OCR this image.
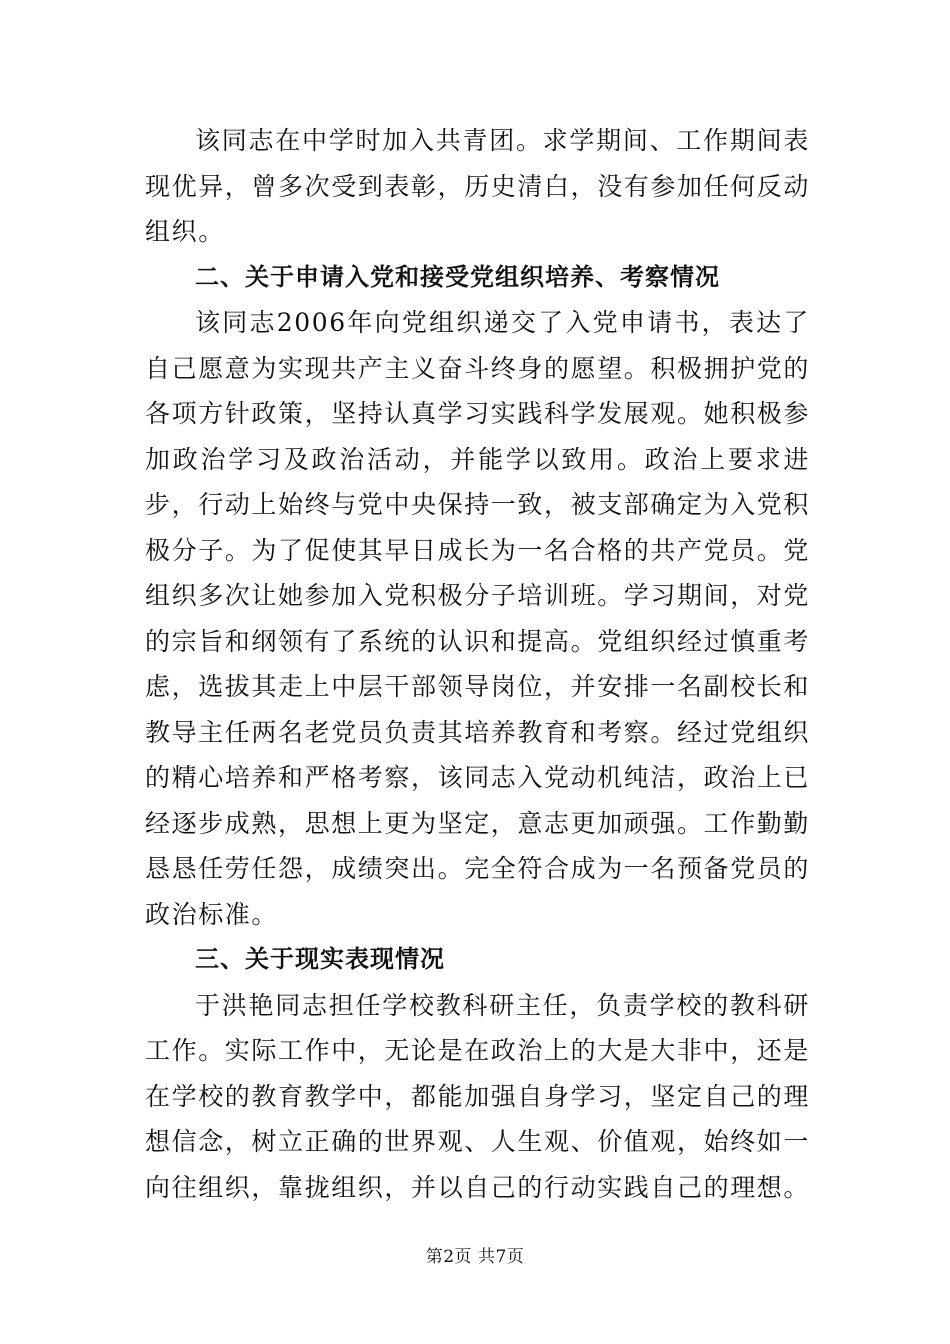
该同志在中学时加入共青团。求学期间、工作期间表现优异，曾多次受到表彰，历史清白，没有参加任何反动组织。

二、关于申请入党和接受党组织培养、考察情况

该同志2006年向党组织递交了入党申请书，表达了自己愿意为实现共产主义奋斗终身的愿望。积极拥护党的各项方针政策，坚持认真学习实践科学发展观。她积极参加政治学习及政治活动，并能学以致用。政治上要求进步，行动上始终与党中央保持一致，被支部确定为入党积极分子。为了促使其早日成长为一名合格的共产党员。党组织多次让她参加入党积极分子培训班。学习期间，对党的宗旨和纲领有了系统的认识和提高。党组织经过慎重考虑，选拔其走上中层干部领导岗位，并安排一名副校长和教导主任两名老党员负责其培养教育和考察。经过党组织的精心培养和严格考察，该同志入党动机纯洁，政治上已经逐步成熟，思想上更为坚定，意志更加顽强。工作勤勤恳恳任劳任怨，成绩突出。完全符合成为一名预备党员的政治标准。

三、关于现实表现情况

于洪艳同志担任学校教科研主任，负责学校的教科研工作。实际工作中，无论是在政治上的大是大非中，还是在学校的教育教学中，都能加强自身学习，坚定自己的理想信念，树立正确的世界观、人生观、价值观，始终如一向往组织，靠拢组织，并以自己的行动实践自己的理想。

第2页 共7页
